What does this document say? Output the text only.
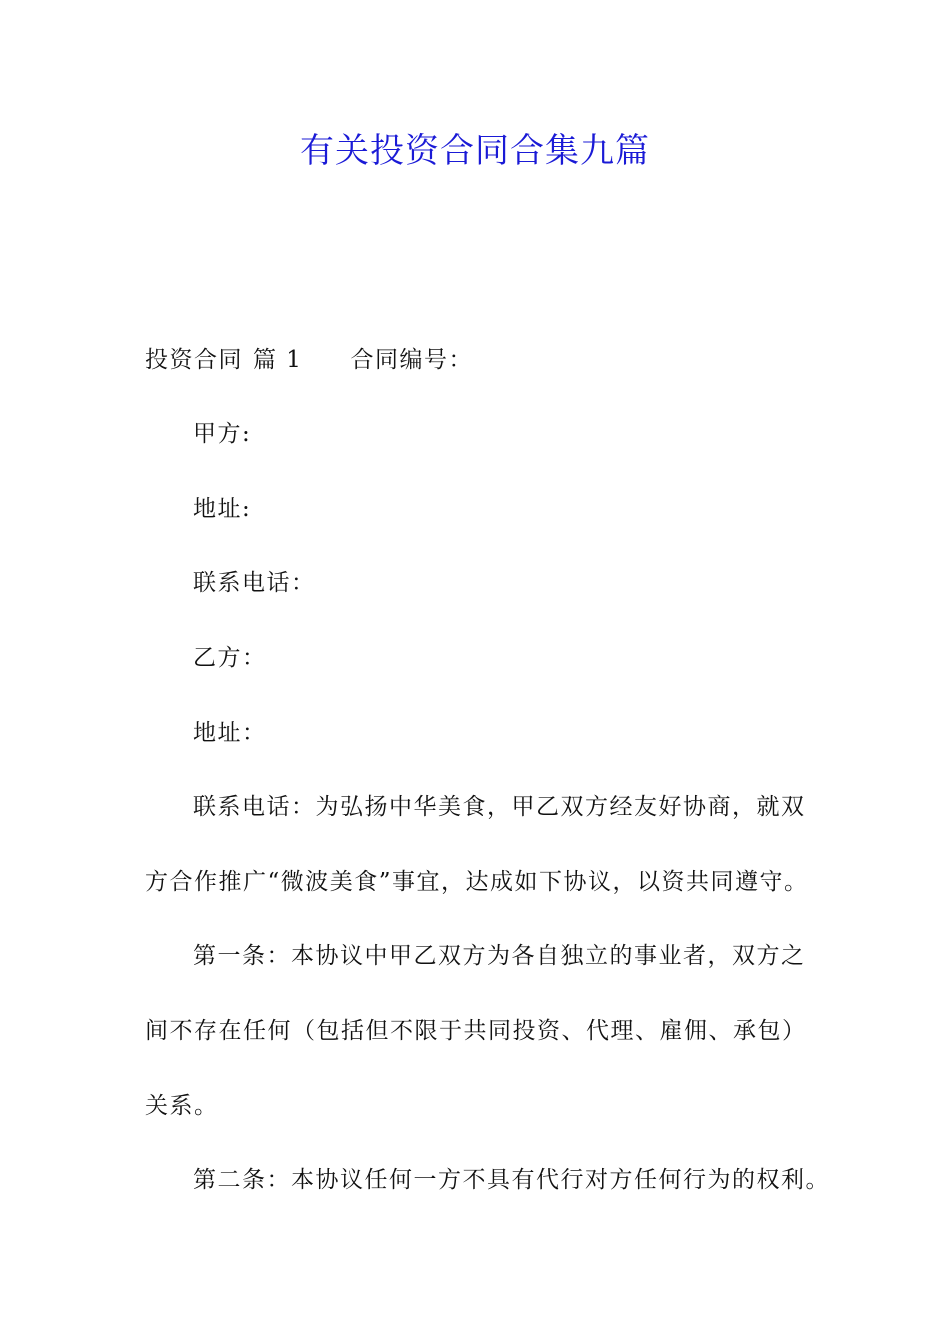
有关投资合同合集九篇
投资合同 篇 1 合同编号：
甲方:
地址:
联系电话：
乙方：
地址：
联系电话：为弘扬中华美食，甲乙双方经友好协商，就双
方合作推广“微波美食”事宜，达成如下协议，以资共同遵守。
第一条：本协议中甲乙双方为各自独立的事业者，双方之
间不存在任何（包括但不限于共同投资、代理、雇佣、承包）
关系。
第二条：本协议任何一方不具有代行对方任何行为的权利。
